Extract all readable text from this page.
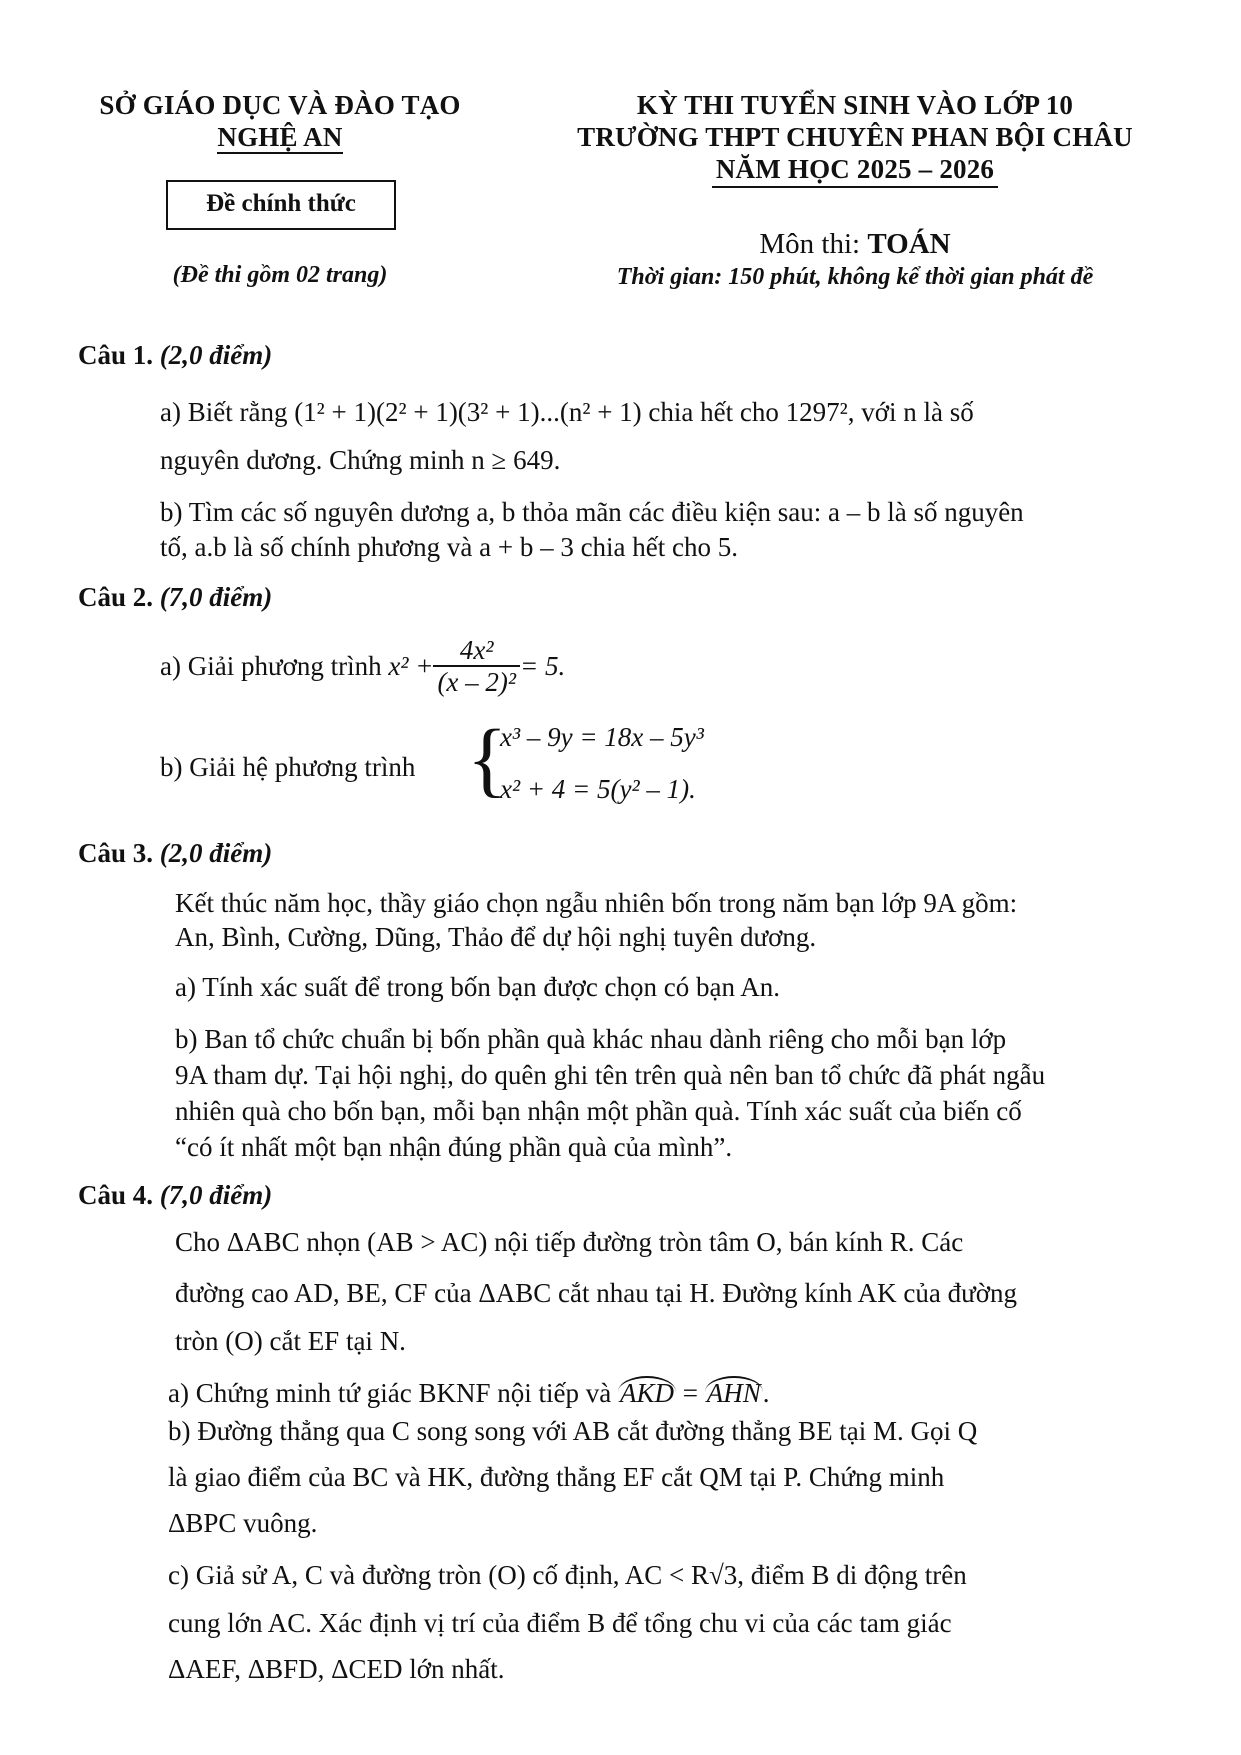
SỞ GIÁO DỤC VÀ ĐÀO TẠO
NGHỆ AN
Đề chính thức
(Đề thi gồm 02 trang)
KỲ THI TUYỂN SINH VÀO LỚP 10
TRƯỜNG THPT CHUYÊN PHAN BỘI CHÂU
NĂM HỌC 2025 – 2026
Môn thi: TOÁN
Thời gian: 150 phút, không kể thời gian phát đề
Câu 1. (2,0 điểm)
a) Biết rằng (1² + 1)(2² + 1)(3² + 1)...(n² + 1) chia hết cho 1297², với n là số
nguyên dương. Chứng minh n ≥ 649.
b) Tìm các số nguyên dương a, b thỏa mãn các điều kiện sau: a – b là số nguyên
tố, a.b là số chính phương và a + b – 3 chia hết cho 5.
Câu 2. (7,0 điểm)
a) Giải phương trình
$x^2 + \frac{\text{4x²}}{\text{(x – 2)²}} = 5$.
b) Giải hệ phương trình {
x³ – 9y = 18x – 5y³
x² + 4 = 5(y² – 1).
Câu 3. (2,0 điểm)
Kết thúc năm học, thầy giáo chọn ngẫu nhiên bốn trong năm bạn lớp 9A gồm:
An, Bình, Cường, Dũng, Thảo để dự hội nghị tuyên dương.
a) Tính xác suất để trong bốn bạn được chọn có bạn An.
b) Ban tổ chức chuẩn bị bốn phần quà khác nhau dành riêng cho mỗi bạn lớp
9A tham dự. Tại hội nghị, do quên ghi tên trên quà nên ban tổ chức đã phát ngẫu
nhiên quà cho bốn bạn, mỗi bạn nhận một phần quà. Tính xác suất của biến cố
“có ít nhất một bạn nhận đúng phần quà của mình”.
Câu 4. (7,0 điểm)
Cho ΔABC nhọn (AB > AC) nội tiếp đường tròn tâm O, bán kính R. Các
đường cao AD, BE, CF của ΔABC cắt nhau tại H. Đường kính AK của đường
tròn (O) cắt EF tại N.
a) Chứng minh tứ giác BKNF nội tiếp và AKD = AHN.
b) Đường thẳng qua C song song với AB cắt đường thẳng BE tại M. Gọi Q
là giao điểm của BC và HK, đường thẳng EF cắt QM tại P. Chứng minh
ΔBPC vuông.
c) Giả sử A, C và đường tròn (O) cố định, AC < R√3, điểm B di động trên
cung lớn AC. Xác định vị trí của điểm B để tổng chu vi của các tam giác
ΔAEF, ΔBFD, ΔCED lớn nhất.
